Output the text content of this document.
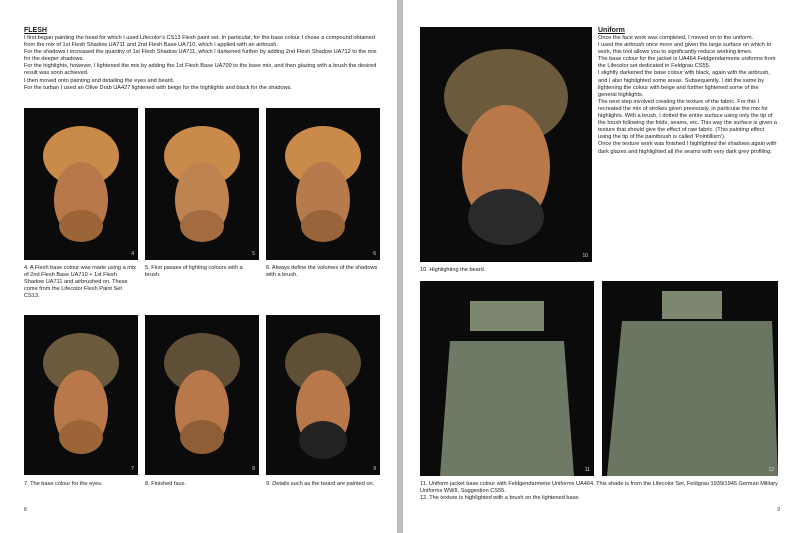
FLESH

I first began painting the head for which I used Lifecolor's CS13 Flesh paint set. In particular, for the base colour I chose a compound obtained from the mix of 1st Flesh Shadow UA711 and 2nd Flesh Base UA710, which I applied with an airbrush.

For the shadows I increased the quantity of 1st Flesh Shadow UA711, which I darkened further by adding 2nd Flesh Shadow UA712 to the mix for the deeper shadows.

For the highlights, however, I lightened the mix by adding the 1st Flesh Base UA709 to the base mix, and then glazing with a brush the desired result was soon achieved.

I then moved onto painting and detailing the eyes and beard.

For the turban I used an Olive Drab UA427 lightened with beige for the highlights and black for the shadows.

4	5	6
4. A Flesh base colour was made using a mix of 2nd Flesh Base UA710 + 1st Flesh Shadow UA711 and airbrushed on. These come from the Lifecolor Flesh Paint Set CS13.
5. First passes of lighting colours with a brush.
6. Always define the volumes of the shadows with a brush.
7	8	9
7. The base colour for the eyes.	8. Finished face.	9. Details such as the beard are painted on.
8
10
10. Highlighting the beard.
11	12
11. Uniform jacket base colour with Feldgendarmerie Uniforms UA464. This shade is from the Lifecolor Set, Feldgrau 1939/1945 German Military Uniforms WWII, Suggestion CS55.
12. The texture is highlighted with a brush on the lightened base.
9
Uniform

Once the face work was completed, I moved on to the uniform.

I used the airbrush once more and given the large surface on which to work, this tool allows you to significantly reduce working times.

The base colour for the jacket is UA464 Feldgendarmerie uniforms from the Lifecolor set dedicated to Feldgrau CS55.

I slightly darkened the base colour with black, again with the airbrush, and I also highlighted some areas. Subsequently, I did the same by lightening the colour with beige and further lightened some of the general highlights.

The next step involved creating the texture of the fabric. For this I recreated the mix of strokes given previously, in particular the mix for highlights. With a brush, I dotted the entire surface using only the tip of the brush following the folds, seams, etc. This way the surface is given a texture that should give the effect of raw fabric. (This painting effect using the tip of the paintbrush is called 'Pointillism').

Once the texture work was finished I highlighted the shadows again with dark glazes and highlighted all the seams with very dark grey profiling.
